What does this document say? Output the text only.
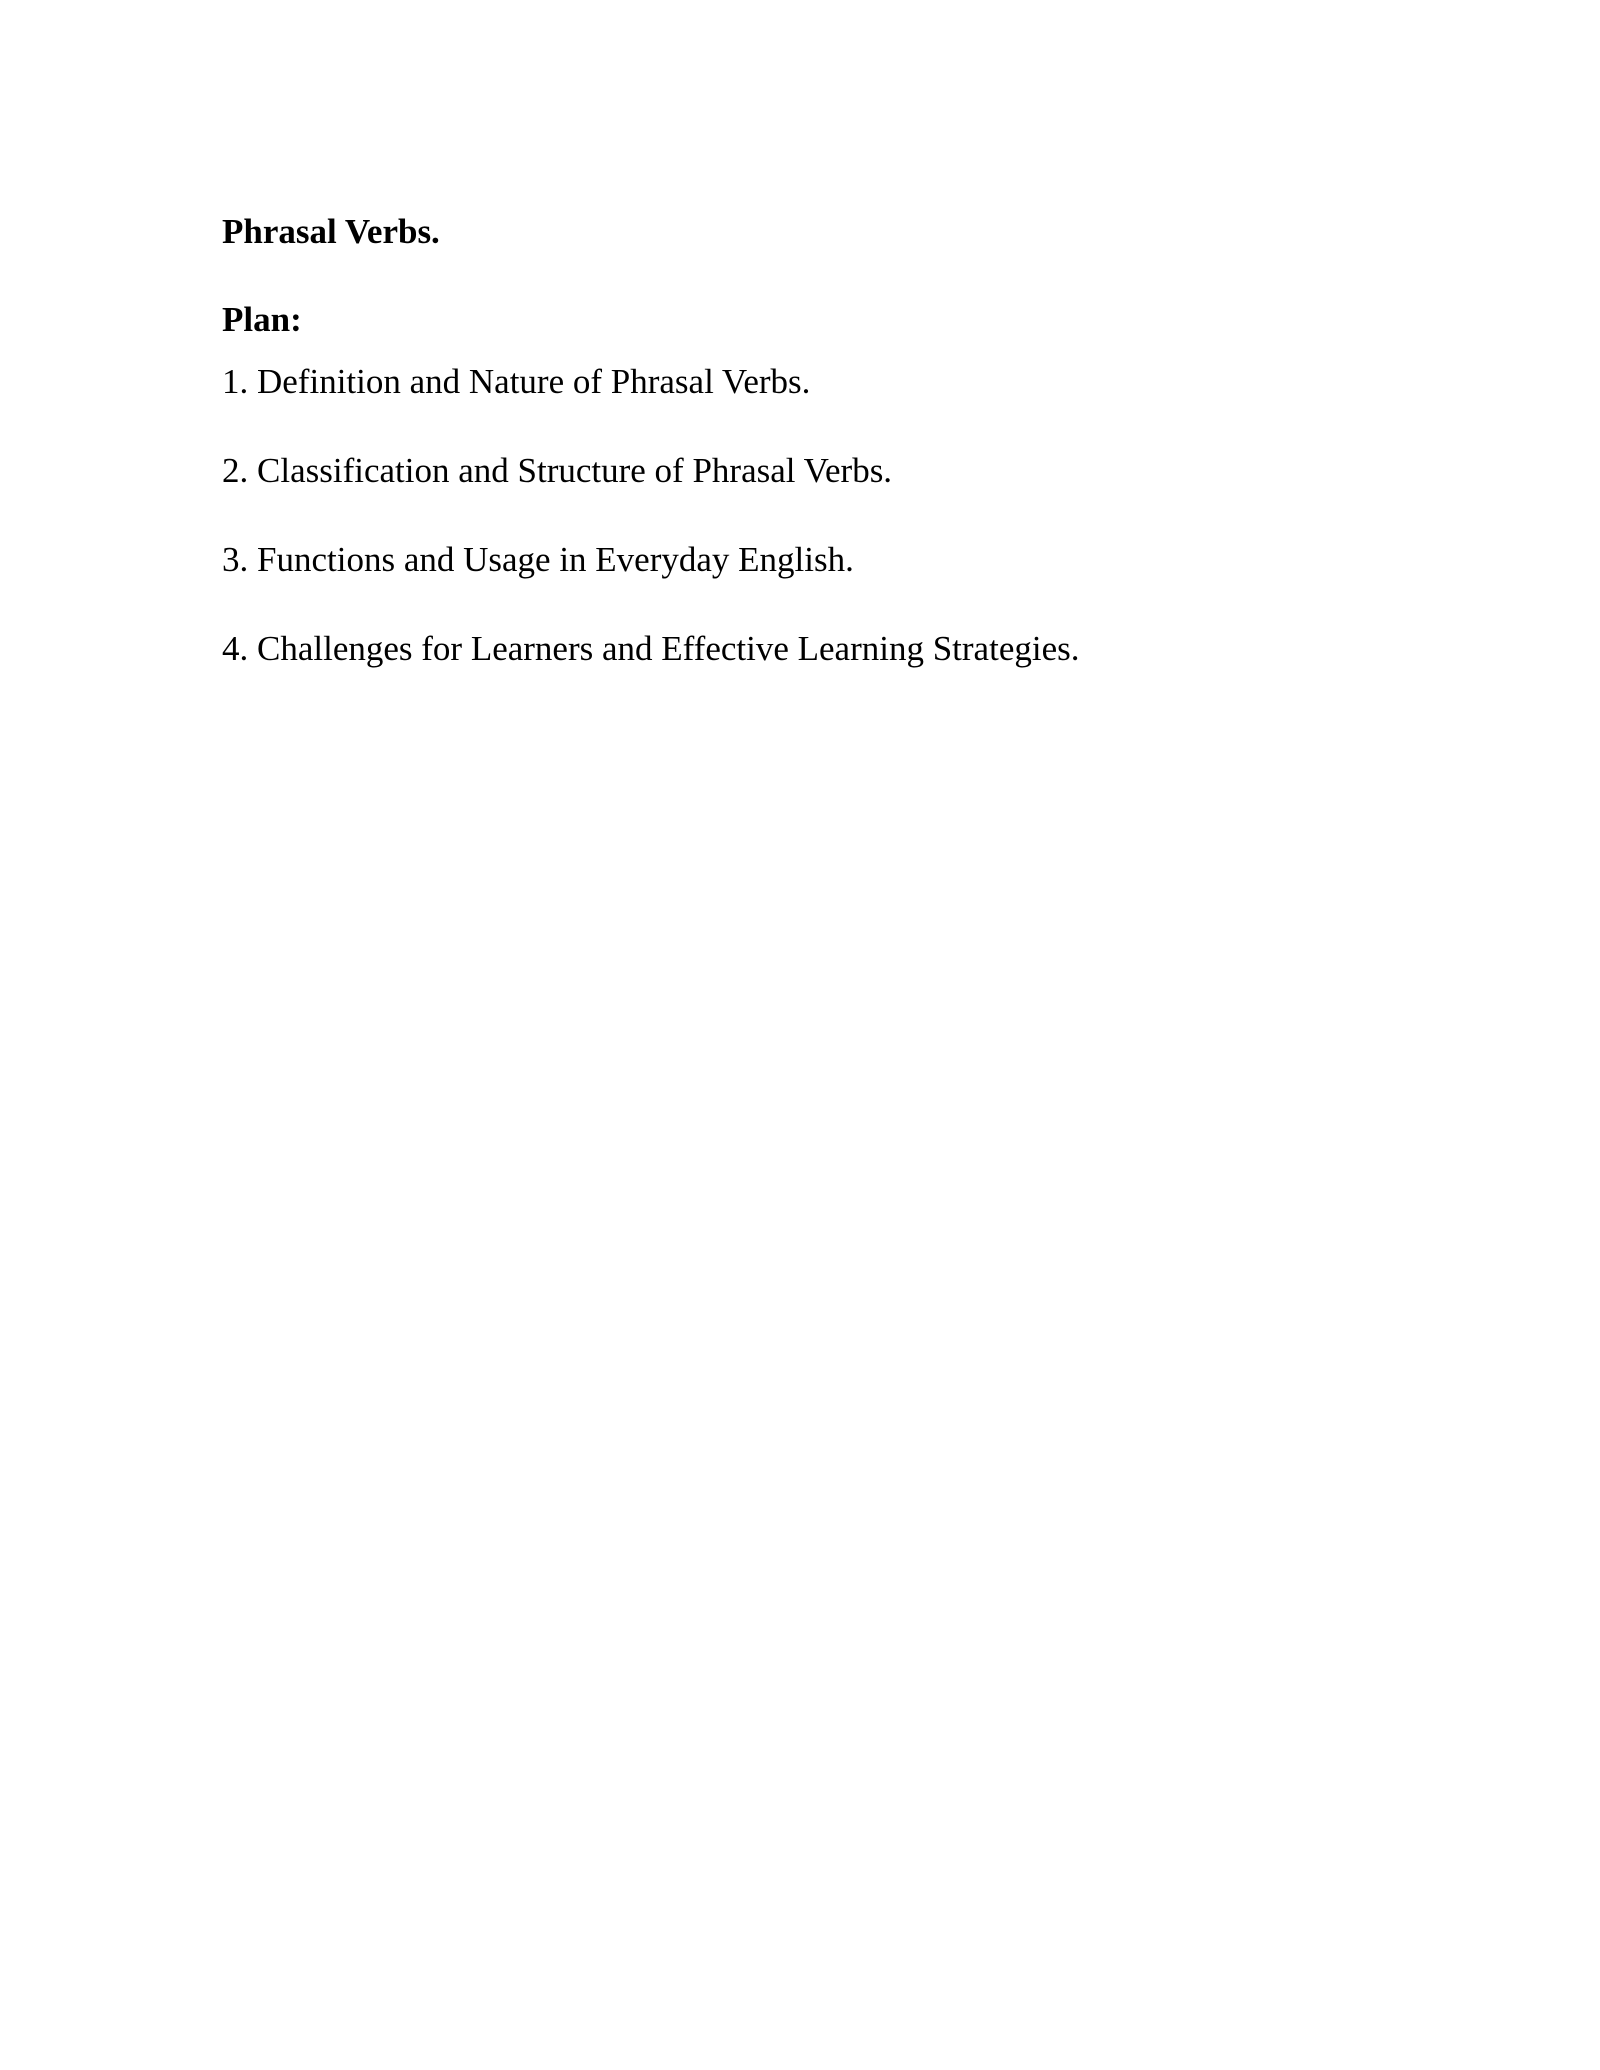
Phrasal Verbs.
Plan:
1. Definition and Nature of Phrasal Verbs.
2. Classification and Structure of Phrasal Verbs.
3. Functions and Usage in Everyday English.
4. Challenges for Learners and Effective Learning Strategies.
